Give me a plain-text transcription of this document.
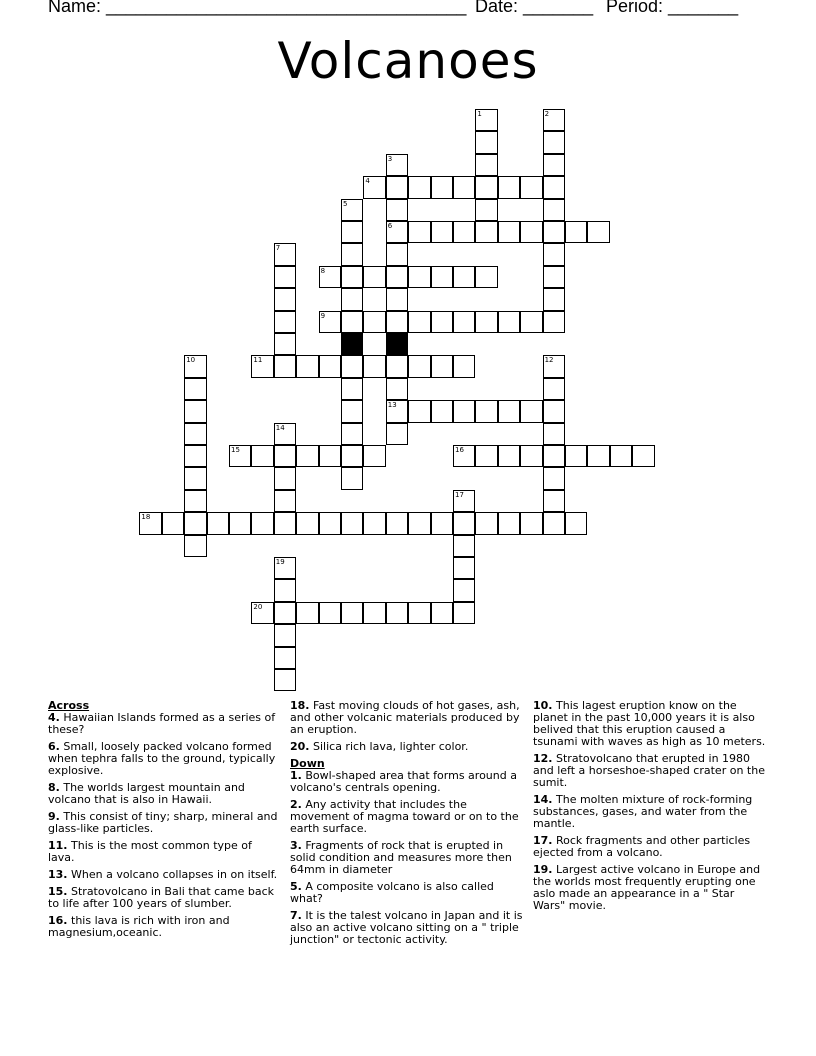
Name: ____________________________________ Date: _______ Period: _______
Volcanoes
1	2
3
6
13
4
5
7
8
9
10	11	12
14
15	16
17
18
19
20
Across
4. Hawaiian Islands formed as a series of these?
6. Small, loosely packed volcano formed when tephra falls to the ground, typically explosive.
8. The worlds largest mountain and volcano that is also in Hawaii.
9. This consist of tiny; sharp, mineral and glass-like particles.
11. This is the most common type of lava.
13. When a volcano collapses in on itself.
15. Stratovolcano in Bali that came back to life after 100 years of slumber.
16. this lava is rich with iron and magnesium,oceanic.
18. Fast moving clouds of hot gases, ash, and other volcanic materials produced by an eruption.
20. Silica rich lava, lighter color.
Down
1. Bowl-shaped area that forms around a volcano's centrals opening.
2. Any activity that includes the movement of magma toward or on to the earth surface.
3. Fragments of rock that is erupted in solid condition and measures more then 64mm in diameter
5. A composite volcano is also called what?
7. It is the talest volcano in Japan and it is also an active volcano sitting on a " triple junction" or tectonic activity.
10. This lagest eruption know on the planet in the past 10,000 years it is also belived that this eruption caused a tsunami with waves as high as 10 meters.
12. Stratovolcano that erupted in 1980 and left a horseshoe-shaped crater on the sumit.
14. The molten mixture of rock-forming substances, gases, and water from the mantle.
17. Rock fragments and other particles ejected from a volcano.
19. Largest active volcano in Europe and the worlds most frequently erupting one aslo made an appearance in a " Star Wars" movie.
